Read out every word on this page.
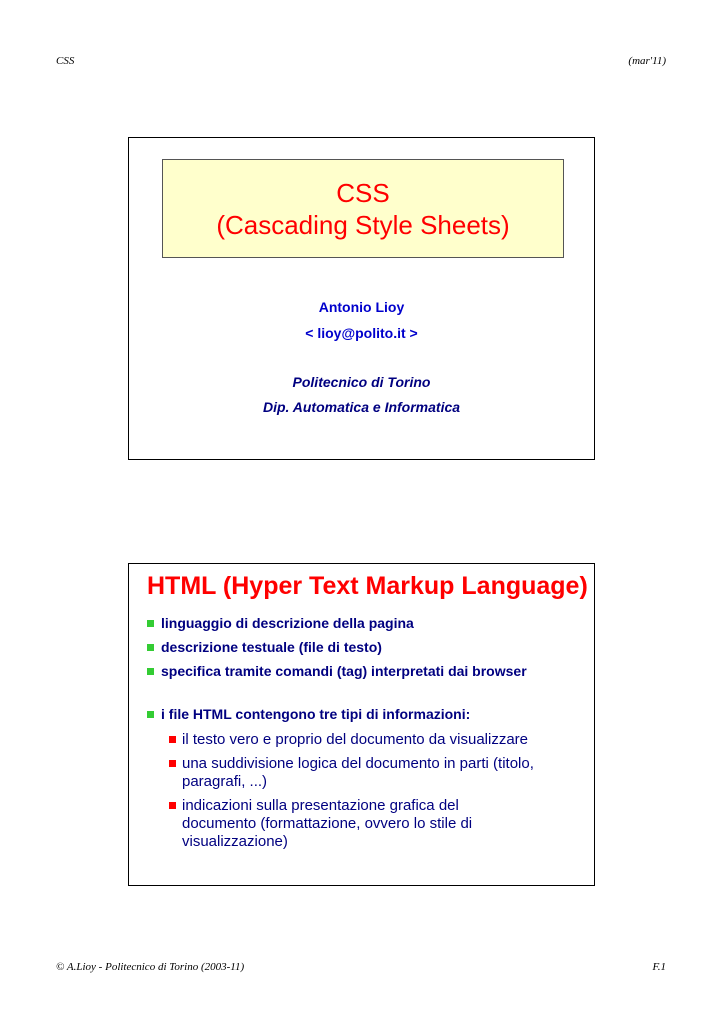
CSS	(mar'11)
CSS
(Cascading Style Sheets)
Antonio Lioy
< lioy@polito.it >
Politecnico di Torino
Dip. Automatica e Informatica
HTML (Hyper Text Markup Language)
linguaggio di descrizione della pagina
descrizione testuale (file di testo)
specifica tramite comandi (tag) interpretati dai browser
i file HTML contengono tre tipi di informazioni:
il testo vero e proprio del documento da visualizzare
una suddivisione logica del documento in parti (titolo, paragrafi, ...)
indicazioni sulla presentazione grafica del documento (formattazione, ovvero lo stile di visualizzazione)
© A.Lioy - Politecnico di Torino (2003-11)	F.1
